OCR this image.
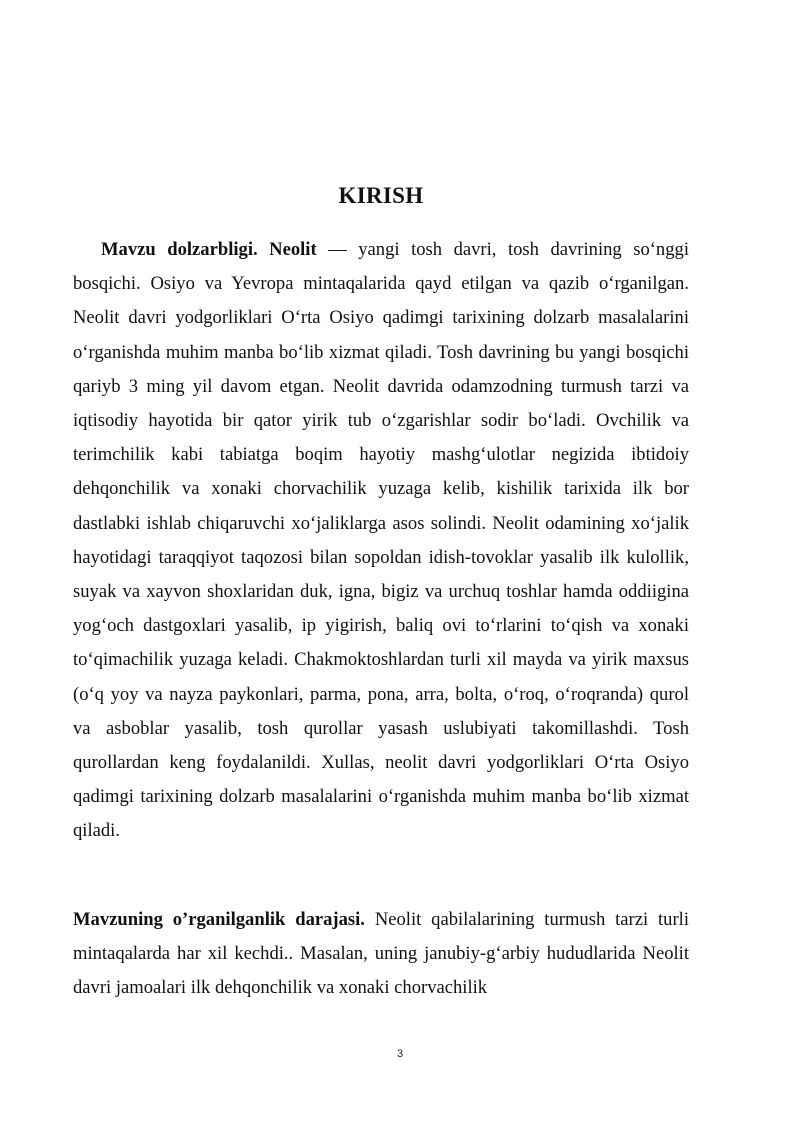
KIRISH

Mavzu dolzarbligi. Neolit — yangi tosh davri, tosh davrining so‘nggi bosqichi. Osiyo va Yevropa mintaqalarida qayd etilgan va qazib o‘rganilgan. Neolit davri yodgorliklari O‘rta Osiyo qadimgi tarixining dolzarb masalalarini o‘rganishda muhim manba bo‘lib xizmat qiladi. Tosh davrining bu yangi bosqichi qariyb 3 ming yil davom etgan. Neolit davrida odamzodning turmush tarzi va iqtisodiy hayotida bir qator yirik tub o‘zgarishlar sodir bo‘ladi. Ovchilik va terimchilik kabi tabiatga boqim hayotiy mashg‘ulotlar negizida ibtidoiy dehqonchilik va xonaki chorvachilik yuzaga kelib, kishilik tarixida ilk bor dastlabki ishlab chiqaruvchi xo‘jaliklarga asos solindi. Neolit odamining xo‘jalik hayotidagi taraqqiyot taqozosi bilan sopoldan idish-tovoklar yasalib ilk kulollik, suyak va xayvon shoxlaridan duk, igna, bigiz va urchuq toshlar hamda oddiigina yog‘och dastgoxlari yasalib, ip yigirish, baliq ovi to‘rlarini to‘qish va xonaki to‘qimachilik yuzaga keladi. Chakmoktoshlardan turli xil mayda va yirik maxsus (o‘q yoy va nayza paykonlari, parma, pona, arra, bolta, o‘roq, o‘roqranda) qurol va asboblar yasalib, tosh qurollar yasash uslubiyati takomillashdi. Tosh qurollardan keng foydalanildi. Xullas, neolit davri yodgorliklari O‘rta Osiyo qadimgi tarixining dolzarb masalalarini o‘rganishda muhim manba bo‘lib xizmat qiladi.

Mavzuning o’rganilganlik darajasi. Neolit qabilalarining turmush tarzi turli mintaqalarda har xil kechdi.. Masalan, uning janubiy-g‘arbiy hududlarida Neolit davri jamoalari ilk dehqonchilik va xonaki chorvachilik

3
